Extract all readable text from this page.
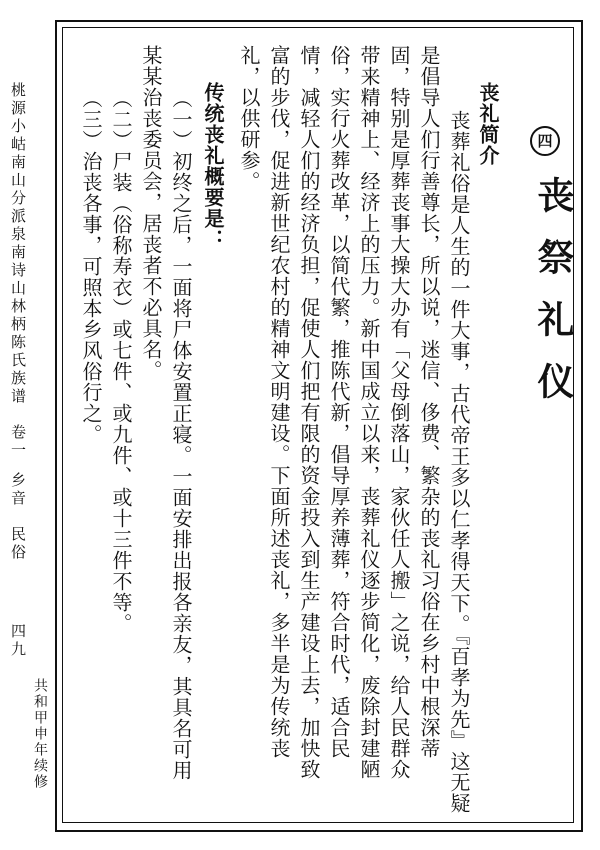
桃源小岵南山分派泉南诗山林柄陈氏族谱　卷一

乡音　民俗

四九

共和甲申年续修

四

丧祭礼仪

丧礼简介

丧葬礼俗是人生的一件大事，古代帝王多以仁孝得天下。『百孝为先』这无疑

是倡导人们行善尊长，所以说，迷信、侈费、繁杂的丧礼习俗在乡村中根深蒂

固，特别是厚葬丧事大操大办有「父母倒落山，家伙任人搬」之说，给人民群众

带来精神上、经济上的压力。新中国成立以来，丧葬礼仪逐步简化，废除封建陋

俗，实行火葬改革，以简代繁，推陈代新，倡导厚养薄葬，符合时代，适合民

情，减轻人们的经济负担，促使人们把有限的资金投入到生产建设上去，加快致

富的步伐，促进新世纪农村的精神文明建设。下面所述丧礼，多半是为传统丧

礼，以供研参。

传统丧礼概要是：

（一）初终之后，一面将尸体安置正寝。一面安排出报各亲友，其具名可用

某某治丧委员会，居丧者不必具名。

（二）尸装（俗称寿衣）或七件、或九件、或十三件不等。

（三）治丧各事，可照本乡风俗行之。
